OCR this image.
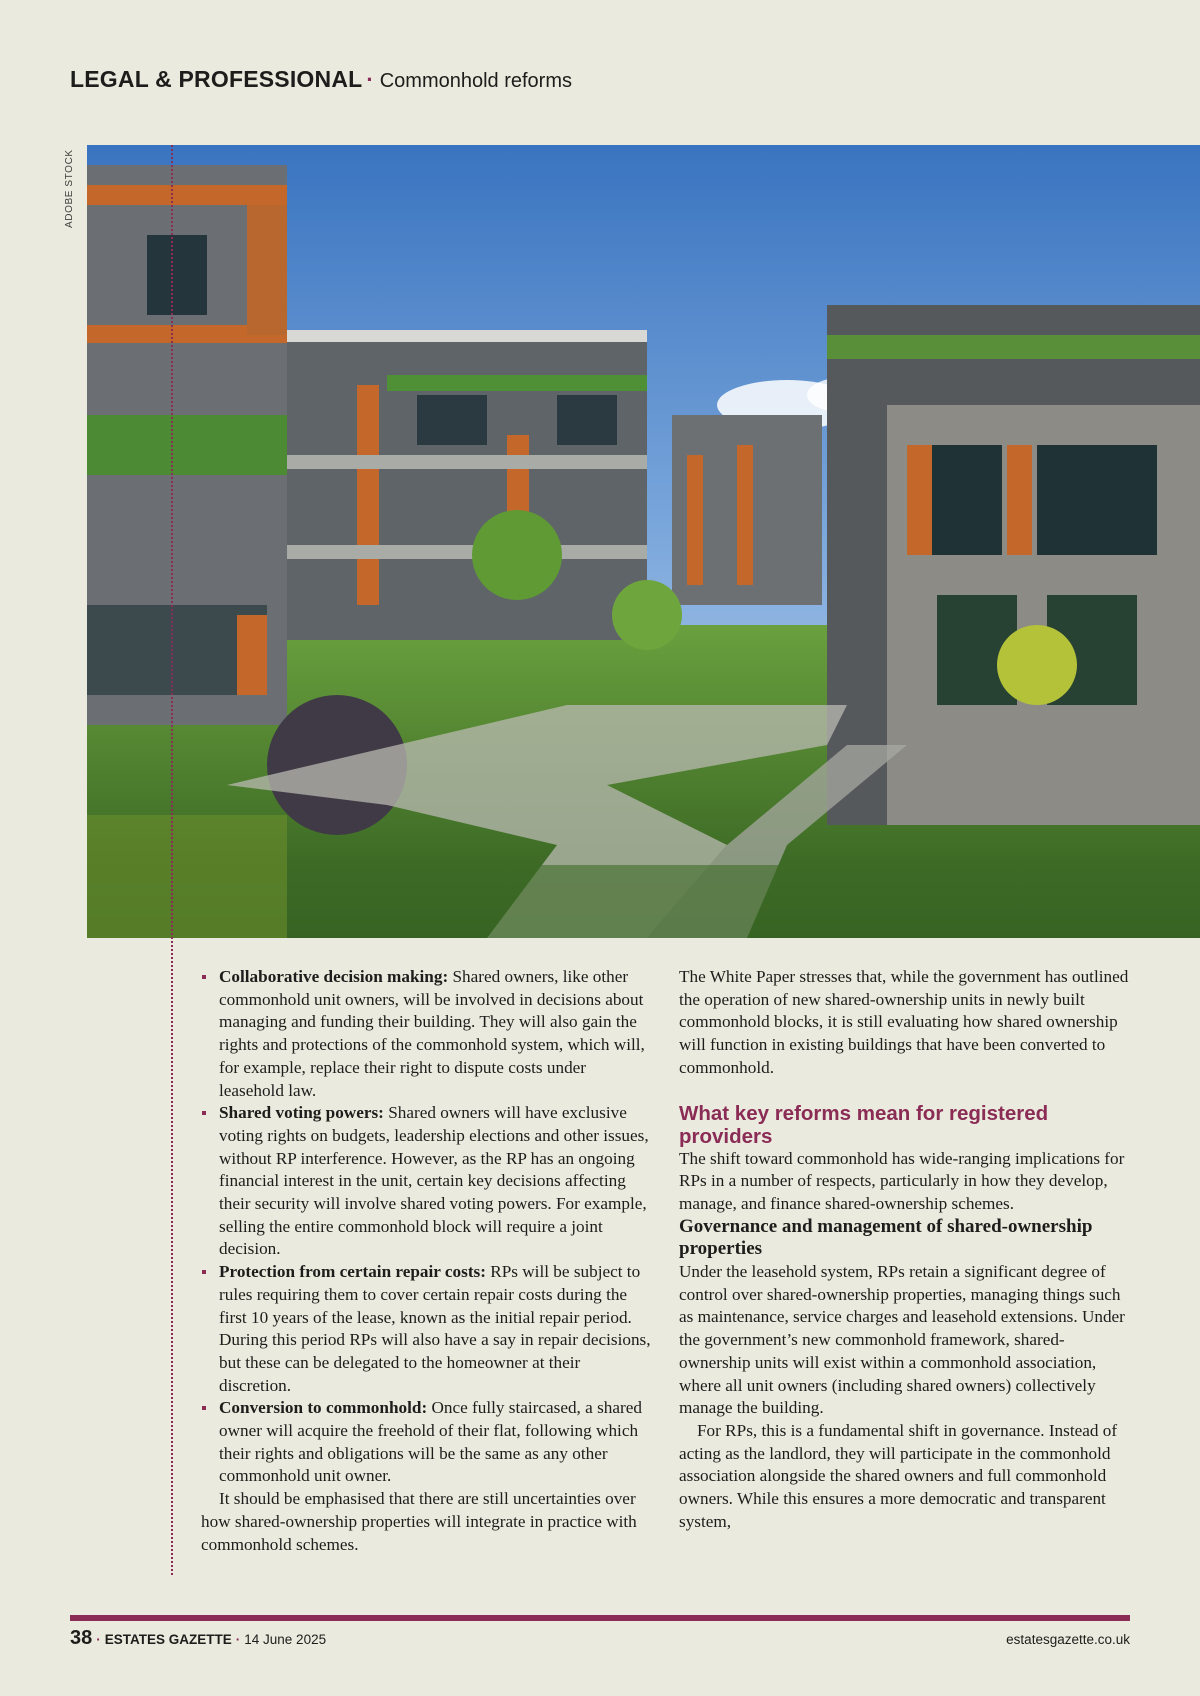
LEGAL & PROFESSIONAL · Commonhold reforms
ADOBE STOCK
Collaborative decision making: Shared owners, like other commonhold unit owners, will be involved in decisions about managing and funding their building. They will also gain the rights and protections of the commonhold system, which will, for example, replace their right to dispute costs under leasehold law.
Shared voting powers: Shared owners will have exclusive voting rights on budgets, leadership elections and other issues, without RP interference. However, as the RP has an ongoing financial interest in the unit, certain key decisions affecting their security will involve shared voting powers. For example, selling the entire commonhold block will require a joint decision.
Protection from certain repair costs: RPs will be subject to rules requiring them to cover certain repair costs during the first 10 years of the lease, known as the initial repair period. During this period RPs will also have a say in repair decisions, but these can be delegated to the homeowner at their discretion.
Conversion to commonhold: Once fully staircased, a shared owner will acquire the freehold of their flat, following which their rights and obligations will be the same as any other commonhold unit owner.

It should be emphasised that there are still uncertainties over how shared-ownership properties will integrate in practice with commonhold schemes.

The White Paper stresses that, while the government has outlined the operation of new shared-ownership units in newly built commonhold blocks, it is still evaluating how shared ownership will function in existing buildings that have been converted to commonhold.

What key reforms mean for registered providers

The shift toward commonhold has wide-ranging implications for RPs in a number of respects, particularly in how they develop, manage, and finance shared-ownership schemes.

Governance and management of shared-ownership properties

Under the leasehold system, RPs retain a significant degree of control over shared-ownership properties, managing things such as maintenance, service charges and leasehold extensions. Under the government’s new commonhold framework, shared-ownership units will exist within a commonhold association, where all unit owners (including shared owners) collectively manage the building.

For RPs, this is a fundamental shift in governance. Instead of acting as the landlord, they will participate in the commonhold association alongside the shared owners and full commonhold owners. While this ensures a more democratic and transparent system,

38 · ESTATES GAZETTE · 14 June 2025	estatesgazette.co.uk
